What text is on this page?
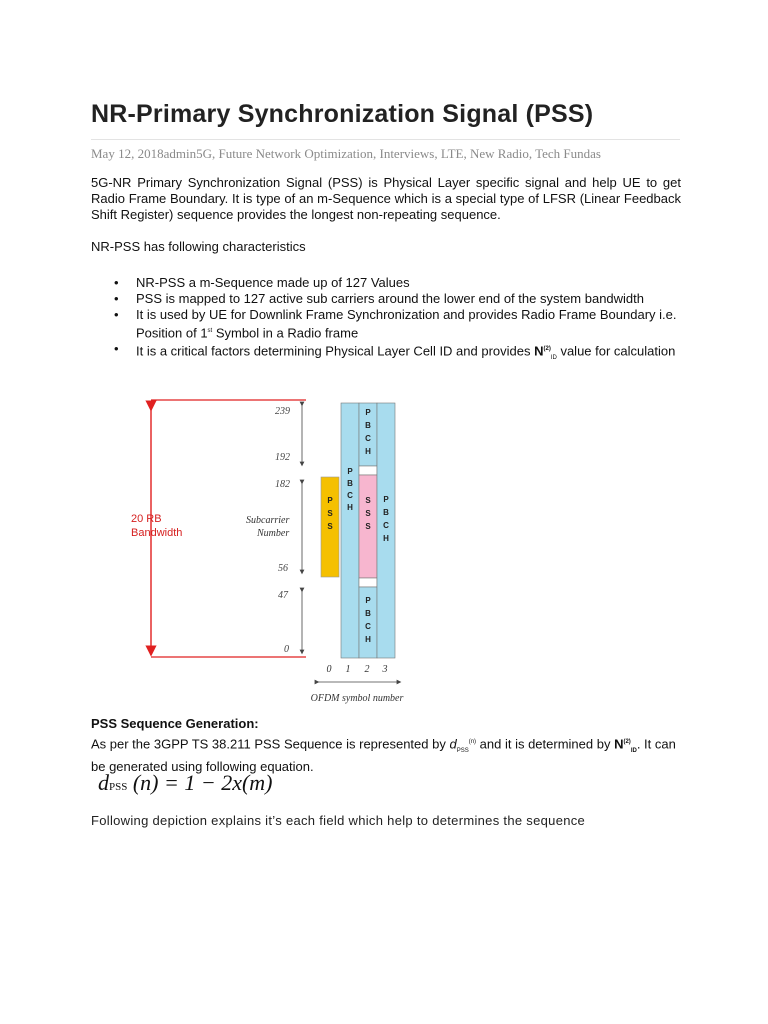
NR-Primary Synchronization Signal (PSS)
May 12, 2018admin5G, Future Network Optimization, Interviews, LTE, New Radio, Tech Fundas

5G-NR Primary Synchronization Signal (PSS) is Physical Layer specific signal and help UE to get Radio Frame Boundary. It is type of an m-Sequence which is a special type of LFSR (Linear Feedback Shift Register) sequence provides the longest non-repeating sequence.

NR-PSS has following characteristics

• NR-PSS a m-Sequence made up of 127 Values
• PSS is mapped to 127 active sub carriers around the lower end of the system bandwidth
• It is used by UE for Downlink Frame Synchronization and provides Radio Frame Boundary i.e. Position of 1st Symbol in a Radio frame
• It is a critical factors determining Physical Layer Cell ID and provides $N^{(2)}_{ID}$ value for calculation
20 RB
Bandwidth
Subcarrier
Number
239
192
182
56
47
0
P
S
S
P
B
C
H
P
B
C
H
S
S
S
P
B
C
H
P
B
C
H
0 1 2 3
OFDM symbol number
PSS Sequence Generation:

As per the 3GPP TS 38.211 PSS Sequence is represented by $d_{PSS}^{(n)}$ and it is determined by $N^{(2)}_{ID}$. It can be generated using following equation.

dPSS (n) = 1 − 2x(m)

Following depiction explains it’s each field which help to determines the sequence
